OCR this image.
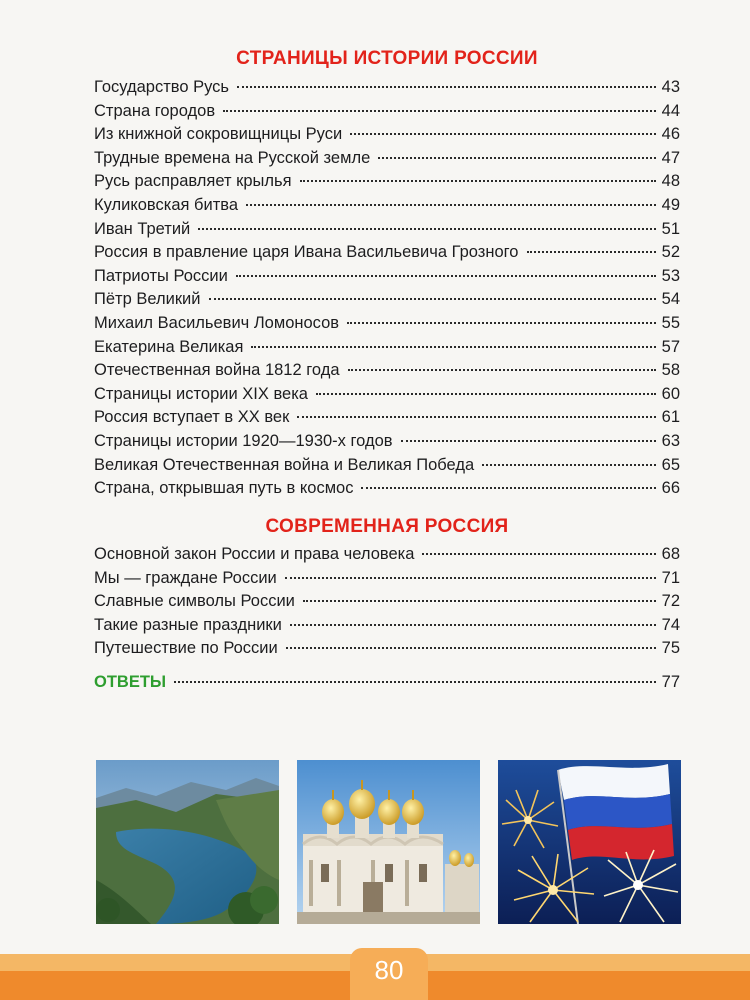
СТРАНИЦЫ ИСТОРИИ РОССИИ
Государство Русь	43
Страна городов	44
Из книжной сокровищницы Руси	46
Трудные времена на Русской земле	47
Русь расправляет крылья	48
Куликовская битва	49
Иван Третий	51
Россия в правление царя Ивана Васильевича Грозного	52
Патриоты России	53
Пётр Великий	54
Михаил Васильевич Ломоносов	55
Екатерина Великая	57
Отечественная война 1812 года	58
Страницы истории XIX века	60
Россия вступает в XX век	61
Страницы истории 1920—1930-х годов	63
Великая Отечественная война и Великая Победа	65
Страна, открывшая путь в космос	66
СОВРЕМЕННАЯ РОССИЯ
Основной закон России и права человека	68
Мы — граждане России	71
Славные символы России	72
Такие разные праздники	74
Путешествие по России	75
ОТВЕТЫ	77
80
